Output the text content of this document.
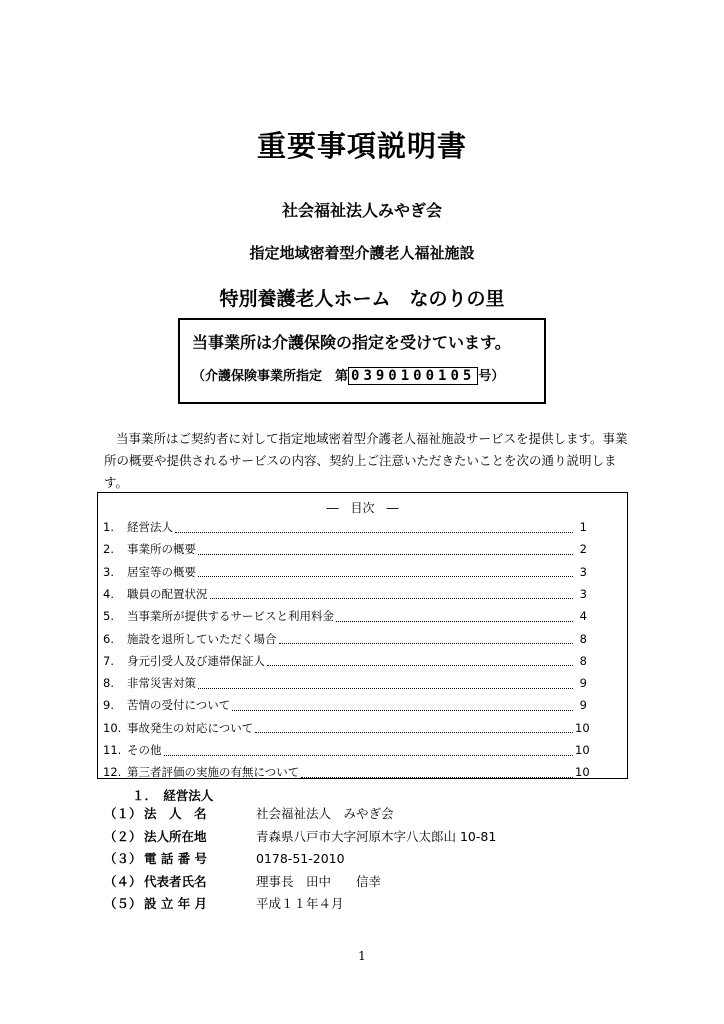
重要事項説明書
社会福祉法人みやぎ会
指定地域密着型介護老人福祉施設
特別養護老人ホーム　なのりの里
当事業所は介護保険の指定を受けています。
（介護保険事業所指定　第 0390100105 号）
当事業所はご契約者に対して指定地域密着型介護老人福祉施設サービスを提供します。事業所の概要や提供されるサービスの内容、契約上ご注意いただきたいことを次の通り説明します。
―　目次　―
1.	経営法人	1
2.	事業所の概要	2
3.	居室等の概要	3
4.	職員の配置状況	3
5.	当事業所が提供するサービスと利用料金	4
6.	施設を退所していただく場合	8
7.	身元引受人及び連帯保証人	8
8.	非常災害対策	9
9.	苦情の受付について	9
10. 事故発生の対応について	10
11. その他	10
12. 第三者評価の実施の有無について	10
１．　経営法人
（１） 法　人　名	社会福祉法人　みやぎ会
（２） 法人所在地	青森県八戸市大字河原木字八太郎山 10-81
（３） 電 話 番 号	0178-51-2010
（４） 代表者氏名	理事長　田中　　信幸
（５） 設 立 年 月	平成１１年４月
1
